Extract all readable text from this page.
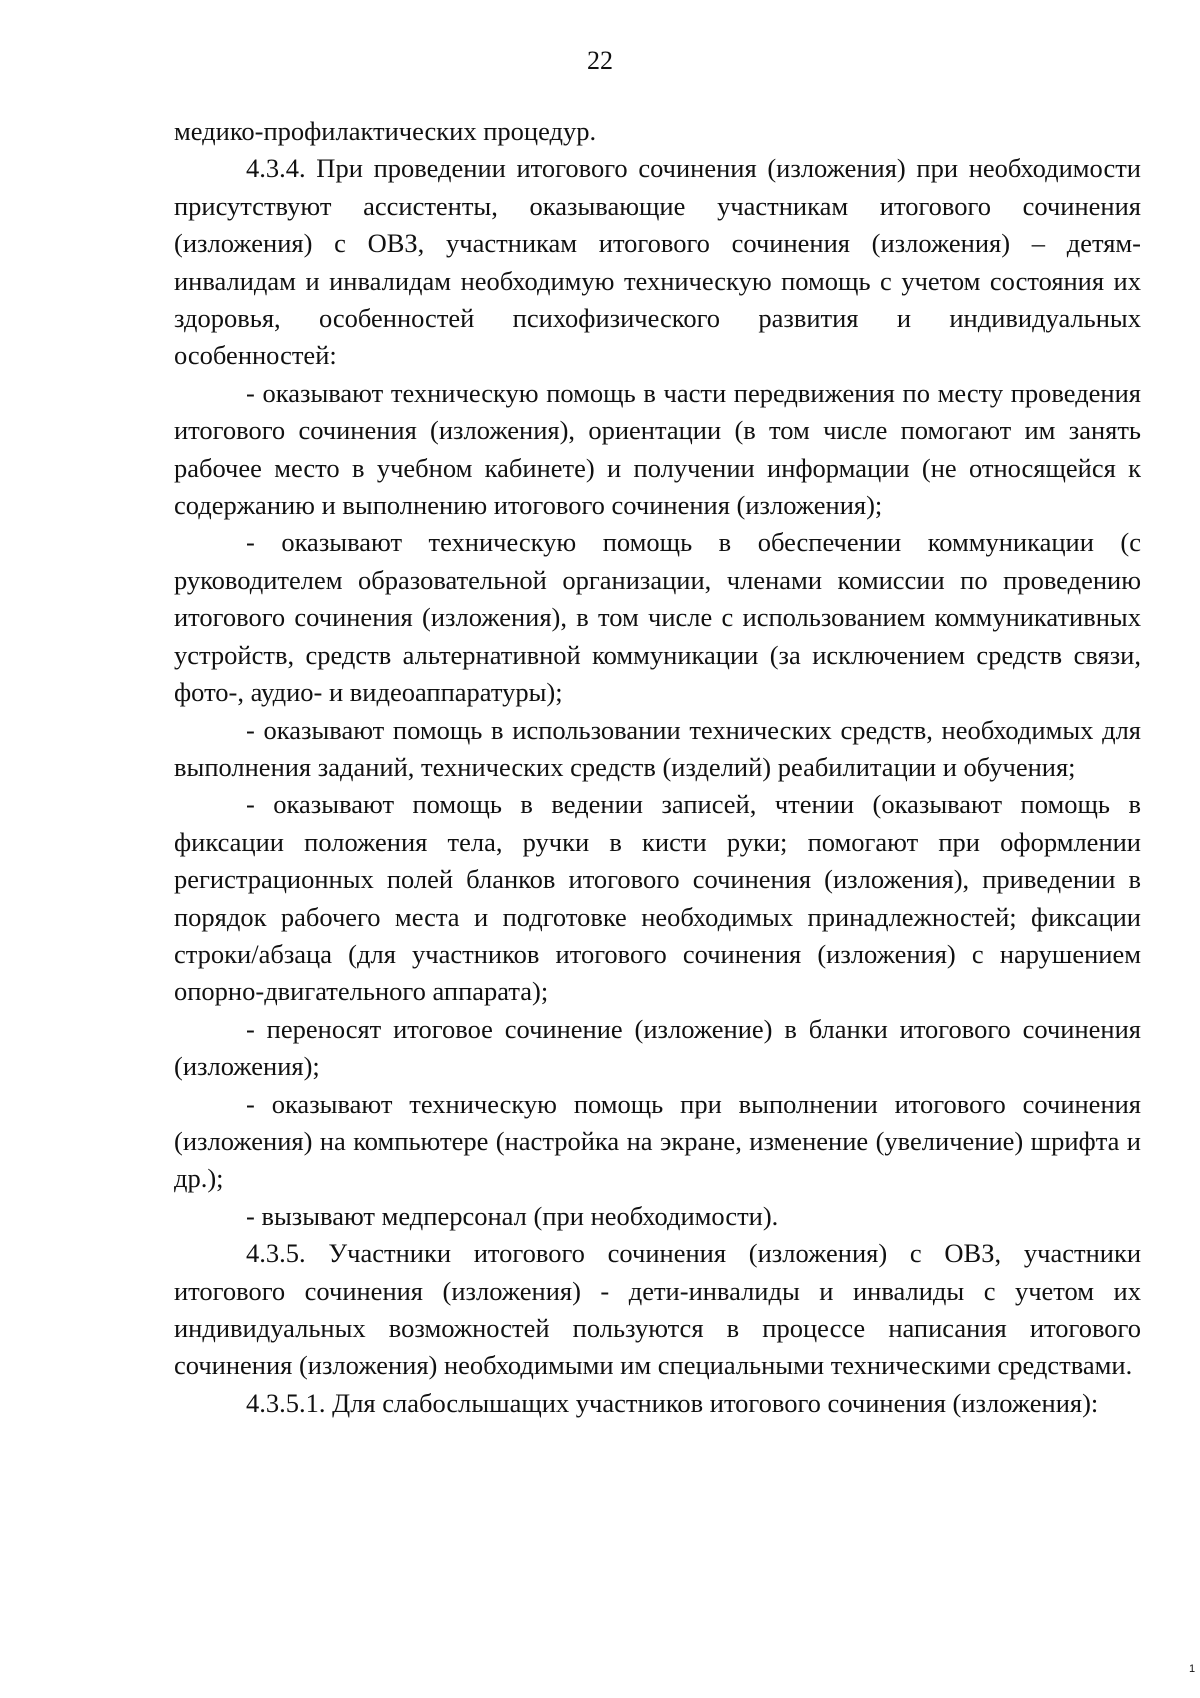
22

медико-профилактических процедур.

4.3.4. При проведении итогового сочинения (изложения) при необходимости присутствуют ассистенты, оказывающие участникам итогового сочинения (изложения) с ОВЗ, участникам итогового сочинения (изложения) – детям-инвалидам и инвалидам необходимую техническую помощь с учетом состояния их здоровья, особенностей психофизического развития и индивидуальных особенностей:

- оказывают техническую помощь в части передвижения по месту проведения итогового сочинения (изложения), ориентации (в том числе помогают им занять рабочее место в учебном кабинете) и получении информации (не относящейся к содержанию и выполнению итогового сочинения (изложения);

- оказывают техническую помощь в обеспечении коммуникации (с руководителем образовательной организации, членами комиссии по проведению итогового сочинения (изложения), в том числе с использованием коммуникативных устройств, средств альтернативной коммуникации (за исключением средств связи, фото-, аудио- и видеоаппаратуры);

- оказывают помощь в использовании технических средств, необходимых для выполнения заданий, технических средств (изделий) реабилитации и обучения;

- оказывают помощь в ведении записей, чтении (оказывают помощь в фиксации положения тела, ручки в кисти руки; помогают при оформлении регистрационных полей бланков итогового сочинения (изложения), приведении в порядок рабочего места и подготовке необходимых принадлежностей; фиксации строки/абзаца (для участников итогового сочинения (изложения) с нарушением опорно-двигательного аппарата);

- переносят итоговое сочинение (изложение) в бланки итогового сочинения (изложения);

- оказывают техническую помощь при выполнении итогового сочинения (изложения) на компьютере (настройка на экране, изменение (увеличение) шрифта и др.);

- вызывают медперсонал (при необходимости).

4.3.5. Участники итогового сочинения (изложения) с ОВЗ, участники итогового сочинения (изложения) - дети-инвалиды и инвалиды с учетом их индивидуальных возможностей пользуются в процессе написания итогового сочинения (изложения) необходимыми им специальными техническими средствами.

4.3.5.1. Для слабослышащих участников итогового сочинения (изложения):

1
